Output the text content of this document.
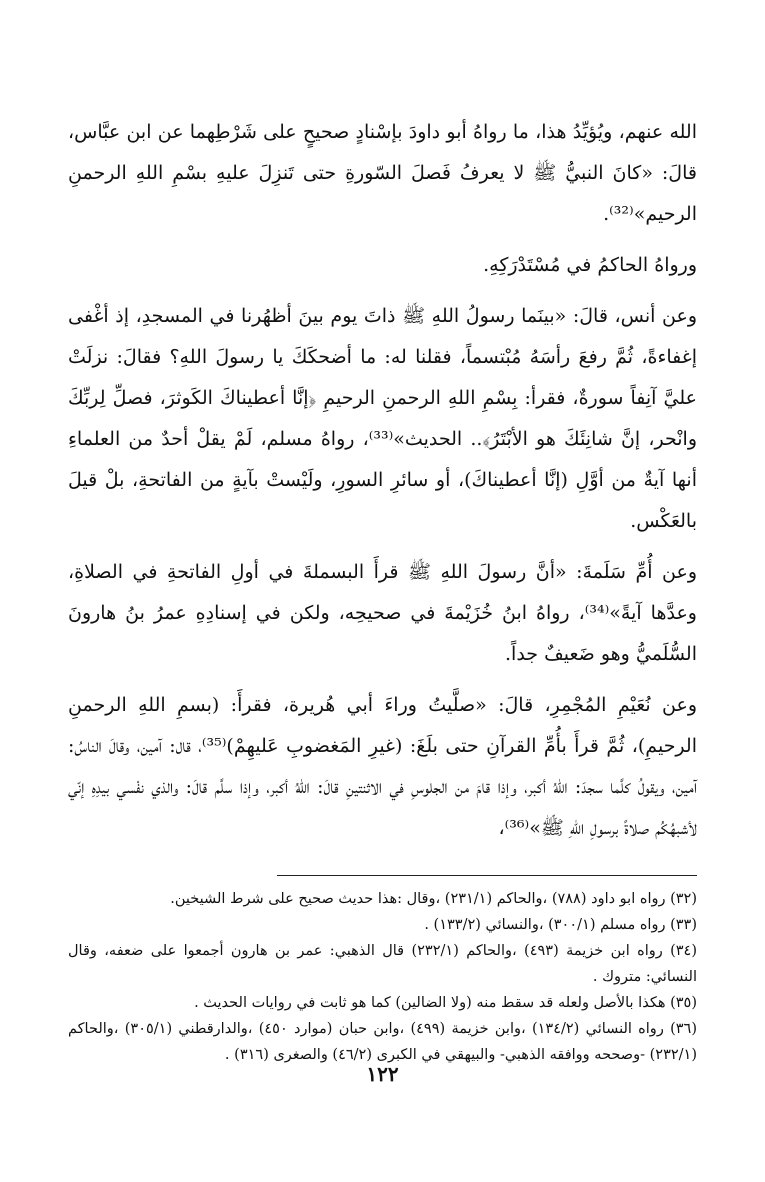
الله عنهم، ويُؤيِّدُ هذا، ما رواهُ أبو داودَ بإسْنادٍ صحيحٍ على شَرْطِهما عن ابن عبَّاس، قالَ: «كانَ النبيُّ ﷺ لا يعرفُ فَصلَ السّورةِ حتى تَنزِلَ عليهِ بسْمِ اللهِ الرحمنِ الرحيم»⁽³²⁾.

ورواهُ الحاكمُ في مُسْتَدْرَكِهِ.

وعن أنس، قالَ: «بينَما رسولُ اللهِ ﷺ ذاتَ يوم بينَ أظهُرنا في المسجدِ، إذ أغْفى إغفاءةً، ثُمَّ رفعَ رأسَهُ مُبْتسماً، فقلنا له: ما أضحكَكَ يا رسولَ اللهِ؟ فقالَ: نزلَتْ عليَّ آنِفاً سورةٌ، فقرأ: بِسْمِ اللهِ الرحمنِ الرحيمِ ﴿إنَّا أعطيناكَ الكَوثرَ، فصلِّ لِربِّكَ وانْحر، إنَّ شانِئَكَ هو الأبْتَرُ﴾.. الحديث»⁽³³⁾، رواهُ مسلم، لَمْ يقلْ أحدٌ من العلماءِ أنها آيةٌ من أوَّلِ (إنَّا أعطيناكَ)، أو سائرِ السورِ، ولَيْستْ بآيةٍ من الفاتحةِ، بلْ قيلَ بالعَكْس.

وعن أُمِّ سَلَمةَ: «أنَّ رسولَ اللهِ ﷺ قرأَ البسملةَ في أولِ الفاتحةِ في الصلاةِ، وعدَّها آيةً»⁽³⁴⁾، رواهُ ابنُ خُزَيْمةَ في صحيحِه، ولكن في إسنادِهِ عمرُ بنُ هارونَ السُّلَميُّ وهو ضَعيفٌ جداً.

وعن نُعَيْمِ المُجْمِرِ، قالَ: «صلَّيتُ وراءَ أبي هُريرة، فقرأَ: (بسمِ اللهِ الرحمنِ الرحيمِ)، ثُمَّ قرأَ بأُمِّ القرآنِ حتى بلَغَ: (غيرِ المَغضوبِ عَليهِمْ)⁽³⁵⁾، قال: آمين، وقالَ الناسُ: آمين، ويقولُ كلَّما سجدَ: اللهُ أكبر، وإذا قامَ من الجلوسِ في الاثنتينِ قالَ: اللهُ أكبر، وإذا سلَّم قالَ: والذي نفْسي بيدِهِ إنّي لأشبهُكُم صلاةً برسولِ اللهِ ﷺ»⁽³⁶⁾،

(٣٢) رواه ابو داود (٧٨٨) ،والحاكم (٢٣١/١) ،وقال :هذا حديث صحيح على شرط الشيخين.

(٣٣) رواه مسلم (٣٠٠/١) ،والنسائي (١٣٣/٢) .

(٣٤) رواه ابن خزيمة (٤٩٣) ،والحاكم (٢٣٢/١) قال الذهبي: عمر بن هارون أجمعوا على ضعفه، وقال النسائي: متروك .

(٣٥) هكذا بالأصل ولعله قد سقط منه (ولا الضالين) كما هو ثابت في روايات الحديث .

(٣٦) رواه النسائي (١٣٤/٢) ،وابن خزيمة (٤٩٩) ،وابن حبان (موارد ٤٥٠) ،والدارقطني (٣٠٥/١) ،والحاكم (٢٣٢/١) -وصححه ووافقه الذهبي- والبيهقي في الكبرى (٤٦/٢) والصغرى (٣١٦) .

١٢٢
